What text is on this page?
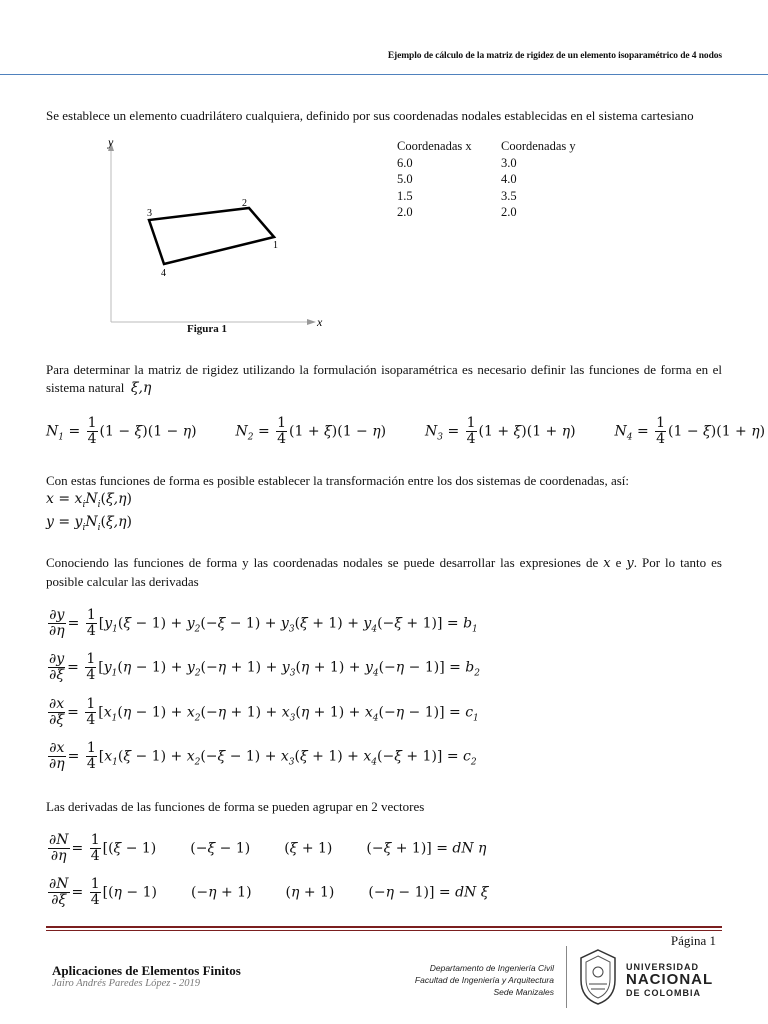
Ejemplo de cálculo de la matriz de rigidez de un elemento isoparamétrico de 4 nodos
Se establece un elemento cuadrilátero cualquiera, definido por sus coordenadas nodales establecidas en el sistema cartesiano
y
x
1
2
3
4
Figura 1
Coordenadas x	Coordenadas y
6.0	3.0
5.0	4.0
1.5	3.5
2.0	2.0
Para determinar la matriz de rigidez utilizando la formulación isoparamétrica es necesario definir las funciones de forma en el sistema natural ξ,η
$N_1 = \frac{1}{4} (1 - \xi)(1 - \eta) N_2 = \frac{1}{4} (1 + \xi)(1 - \eta) N_3 = \frac{1}{4} (1 + \xi)(1 + \eta) N_4 = \frac{1}{4} (1 - \xi)(1 + \eta)$
Con estas funciones de forma es posible establecer la transformación entre los dos sistemas de coordenadas, así:
$x = x_iN_i(\xi,\eta)$
$y = y_iN_i(\xi,\eta)$
Conociendo las funciones de forma y las coordenadas nodales se puede desarrollar las expresiones de x e y. Por lo tanto es posible calcular las derivadas
$\frac{\partial y}{\partial\eta} = \frac{1}{4} [y_1(\xi - 1) + y_2(-\xi - 1) + y_3(\xi + 1) + y_4(-\xi + 1)] = b_1$
$\frac{\partial y}{\partial\xi} = \frac{1}{4} [y_1(\eta - 1) + y_2(-\eta + 1) + y_3(\eta + 1) + y_4(-\eta - 1)] = b_2$
$\frac{\partial x}{\partial\xi} = \frac{1}{4} [x_1(\eta - 1) + x_2(-\eta + 1) + x_3(\eta + 1) + x_4(-\eta - 1)] = c_1$
$\frac{\partial x}{\partial\eta} = \frac{1}{4} [x_1(\xi - 1) + x_2(-\xi - 1) + x_3(\xi + 1) + x_4(-\xi + 1)] = c_2$
Las derivadas de las funciones de forma se pueden agrupar en 2 vectores
$\frac{\partial N}{\partial\eta} = \frac{1}{4} [(\xi - 1) (-\xi - 1) (\xi + 1) (-\xi + 1)]$ = dN η
$\frac{\partial N}{\partial\xi} = \frac{1}{4} [(\eta - 1) (-\eta + 1) (\eta + 1) (-\eta - 1)]$ = dN ξ
Página 1
Aplicaciones de Elementos Finitos
Jairo Andrés Paredes López - 2019
Departamento de Ingeniería Civil
Facultad de Ingeniería y Arquitectura
Sede Manizales
UNIVERSIDAD
NACIONAL
DE COLOMBIA
